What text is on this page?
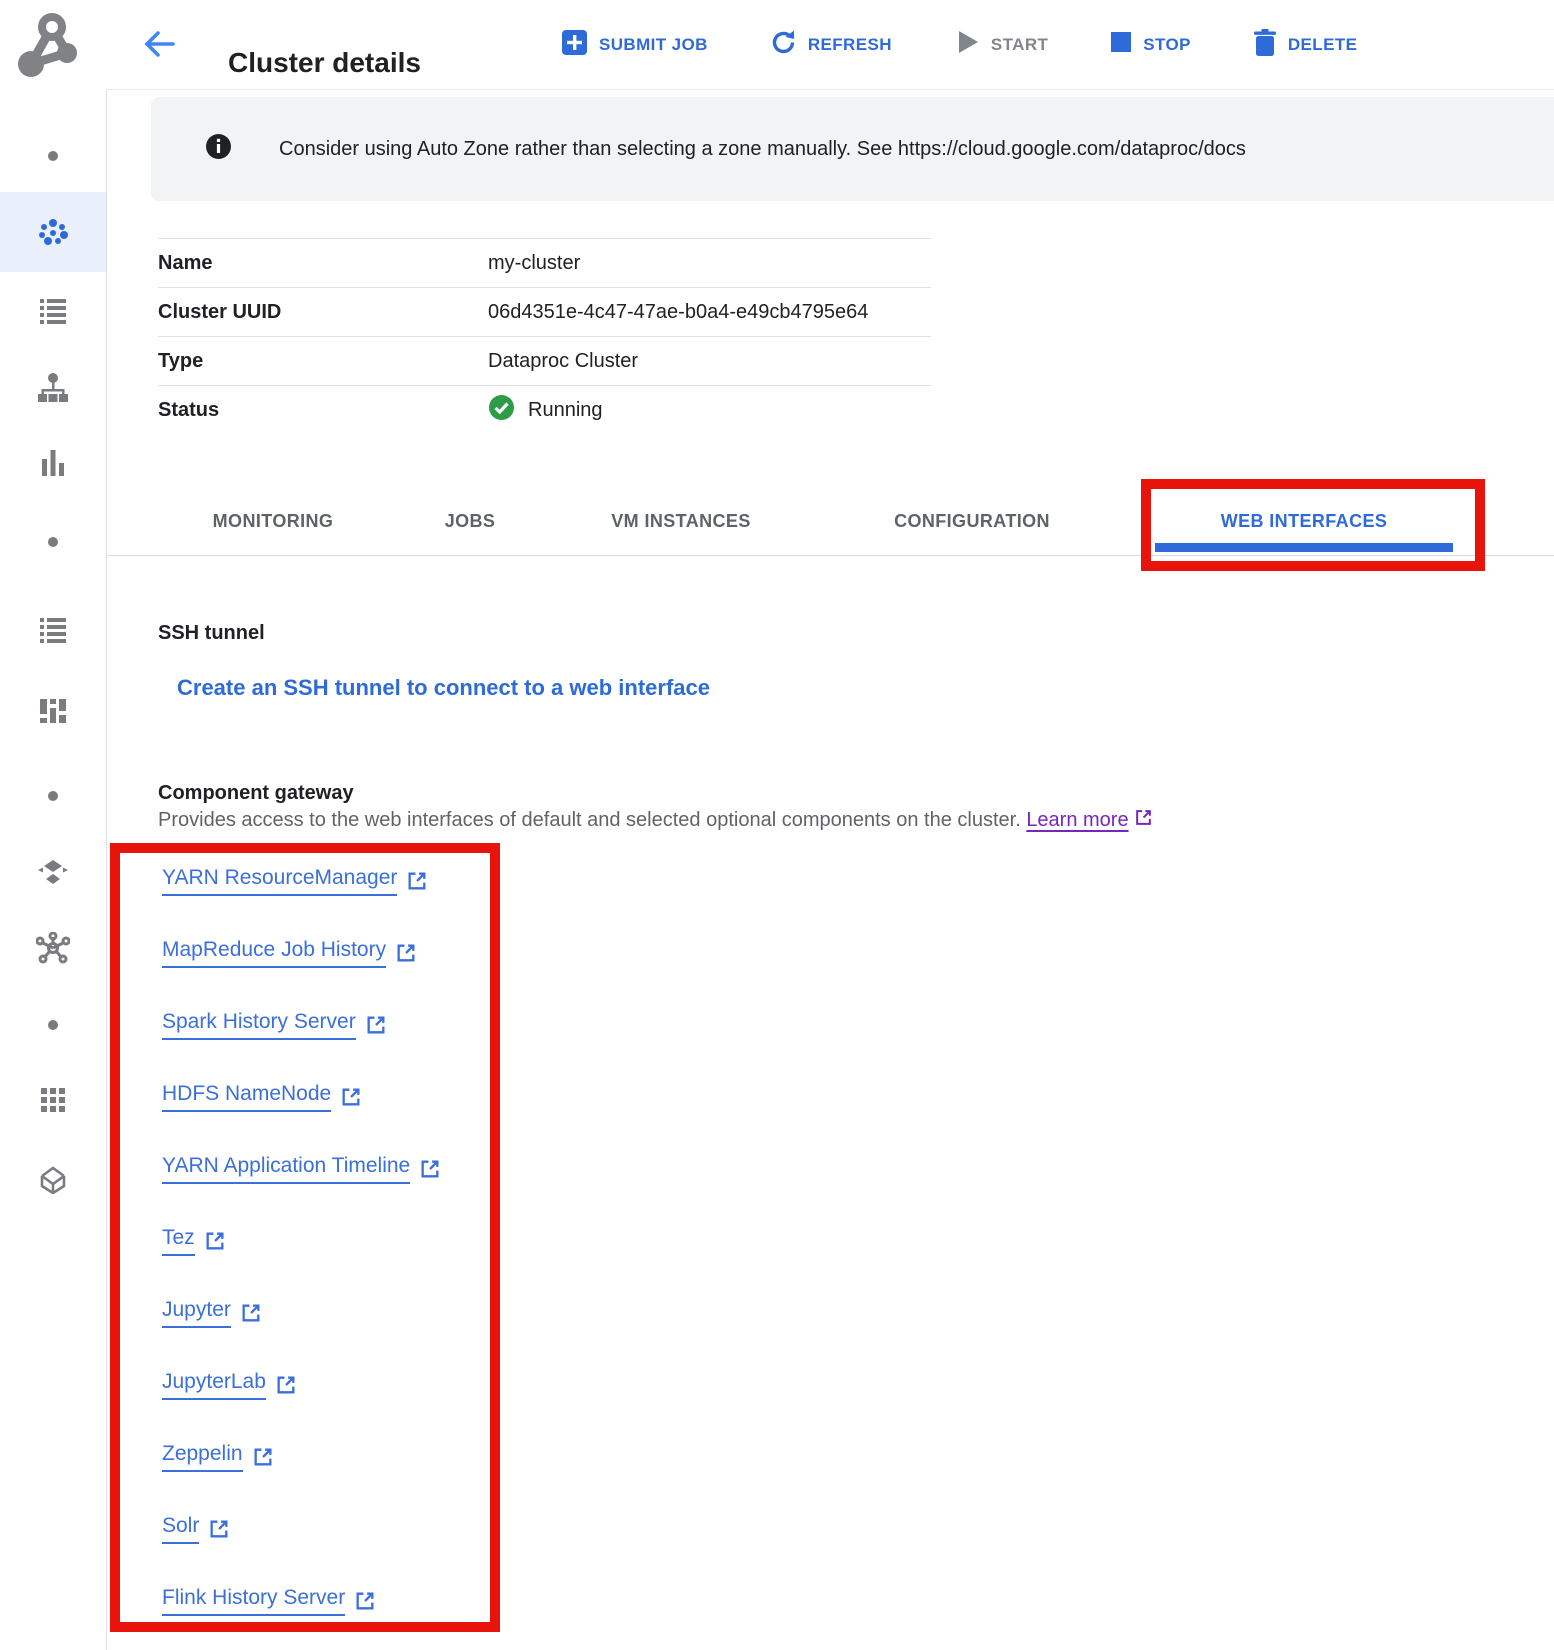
Cluster details
SUBMIT JOB	REFRESH	START	STOP	DELETE
Consider using Auto Zone rather than selecting a zone manually. See https://cloud.google.com/dataproc/docs
Name	my-cluster
Cluster UUID	06d4351e-4c47-47ae-b0a4-e49cb4795e64
Type	Dataproc Cluster
Status	Running
MONITORING	JOBS	VM INSTANCES	CONFIGURATION	WEB INTERFACES
SSH tunnel
Create an SSH tunnel to connect to a web interface
Component gateway
Provides access to the web interfaces of default and selected optional components on the cluster. Learn more
YARN ResourceManager
MapReduce Job History
Spark History Server
HDFS NameNode
YARN Application Timeline
Tez
Jupyter
JupyterLab
Zeppelin
Solr
Flink History Server
